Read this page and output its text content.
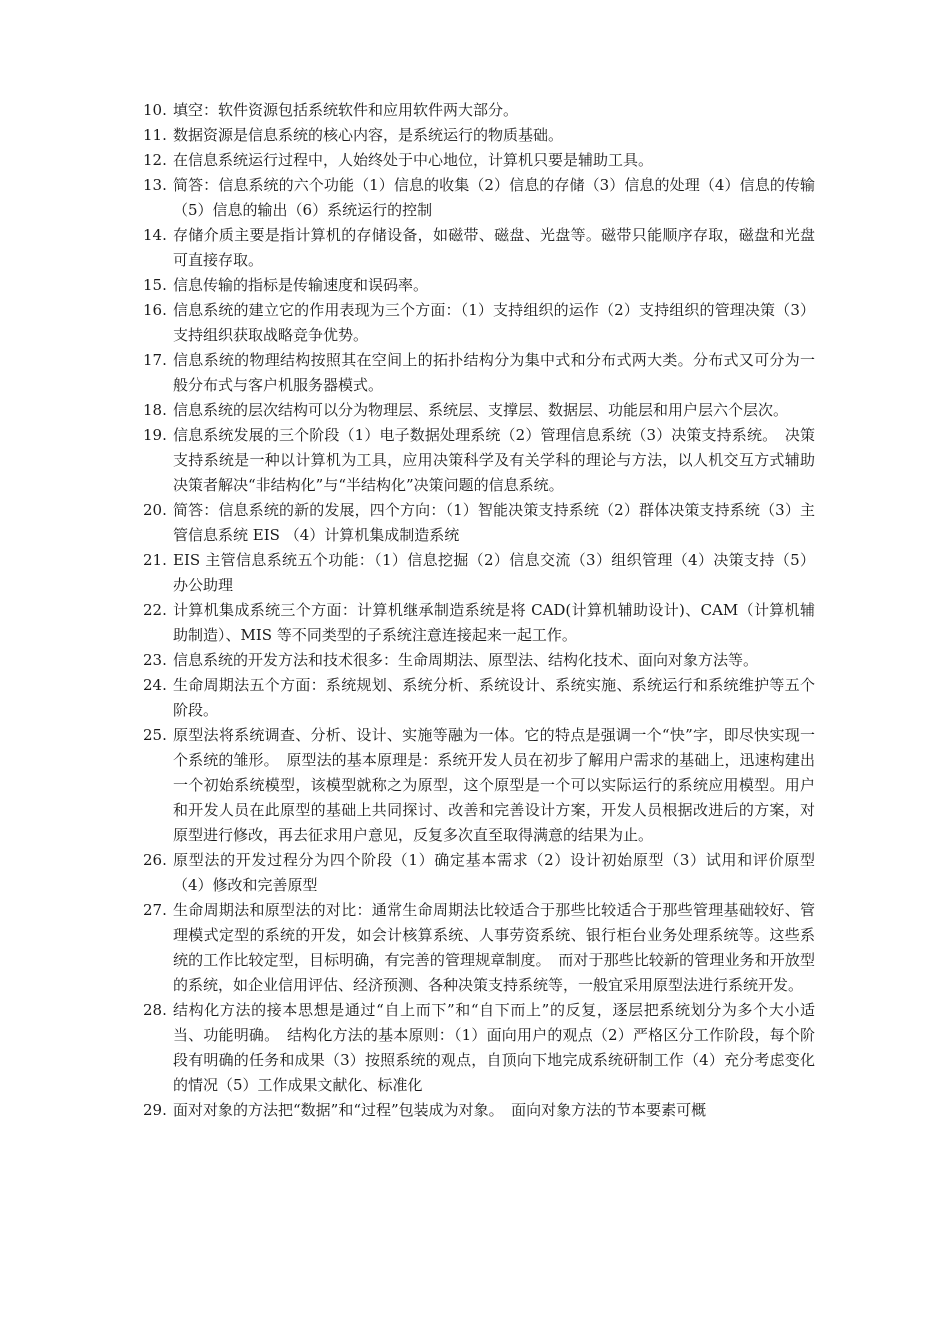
10. 填空：软件资源包括系统软件和应用软件两大部分。
11. 数据资源是信息系统的核心内容，是系统运行的物质基础。
12. 在信息系统运行过程中，人始终处于中心地位，计算机只要是辅助工具。
13. 简答：信息系统的六个功能（1）信息的收集（2）信息的存储（3）信息的处理（4）信息的传输（5）信息的输出（6）系统运行的控制
14. 存储介质主要是指计算机的存储设备，如磁带、磁盘、光盘等。磁带只能顺序存取，磁盘和光盘可直接存取。
15. 信息传输的指标是传输速度和误码率。
16. 信息系统的建立它的作用表现为三个方面：（1）支持组织的运作（2）支持组织的管理决策（3）支持组织获取战略竞争优势。
17. 信息系统的物理结构按照其在空间上的拓扑结构分为集中式和分布式两大类。分布式又可分为一般分布式与客户机服务器模式。
18. 信息系统的层次结构可以分为物理层、系统层、支撑层、数据层、功能层和用户层六个层次。
19. 信息系统发展的三个阶段（1）电子数据处理系统（2）管理信息系统（3）决策支持系统。　决策支持系统是一种以计算机为工具，应用决策科学及有关学科的理论与方法，以人机交互方式辅助决策者解决“非结构化”与“半结构化”决策问题的信息系统。
20. 简答：信息系统的新的发展，四个方向：（1）智能决策支持系统（2）群体决策支持系统（3）主管信息系统 EIS （4）计算机集成制造系统
21. EIS 主管信息系统五个功能：（1）信息挖掘（2）信息交流（3）组织管理（4）决策支持（5）办公助理
22. 计算机集成系统三个方面：计算机继承制造系统是将 CAD(计算机辅助设计)、CAM（计算机辅助制造）、MIS 等不同类型的子系统注意连接起来一起工作。
23. 信息系统的开发方法和技术很多：生命周期法、原型法、结构化技术、面向对象方法等。
24. 生命周期法五个方面：系统规划、系统分析、系统设计、系统实施、系统运行和系统维护等五个阶段。
25. 原型法将系统调查、分析、设计、实施等融为一体。它的特点是强调一个“快”字，即尽快实现一个系统的雏形。　原型法的基本原理是：系统开发人员在初步了解用户需求的基础上，迅速构建出一个初始系统模型，该模型就称之为原型，这个原型是一个可以实际运行的系统应用模型。用户和开发人员在此原型的基础上共同探讨、改善和完善设计方案，开发人员根据改进后的方案，对原型进行修改，再去征求用户意见，反复多次直至取得满意的结果为止。
26. 原型法的开发过程分为四个阶段（1）确定基本需求（2）设计初始原型（3）试用和评价原型（4）修改和完善原型
27. 生命周期法和原型法的对比：通常生命周期法比较适合于那些比较适合于那些管理基础较好、管理模式定型的系统的开发，如会计核算系统、人事劳资系统、银行柜台业务处理系统等。这些系统的工作比较定型，目标明确，有完善的管理规章制度。　而对于那些比较新的管理业务和开放型的系统，如企业信用评估、经济预测、各种决策支持系统等，一般宜采用原型法进行系统开发。
28. 结构化方法的接本思想是通过“自上而下”和“自下而上”的反复，逐层把系统划分为多个大小适当、功能明确。　结构化方法的基本原则：（1）面向用户的观点（2）严格区分工作阶段，每个阶段有明确的任务和成果（3）按照系统的观点，自顶向下地完成系统研制工作（4）充分考虑变化的情况（5）工作成果文献化、标准化
29. 面对对象的方法把“数据”和“过程”包装成为对象。　面向对象方法的节本要素可概
